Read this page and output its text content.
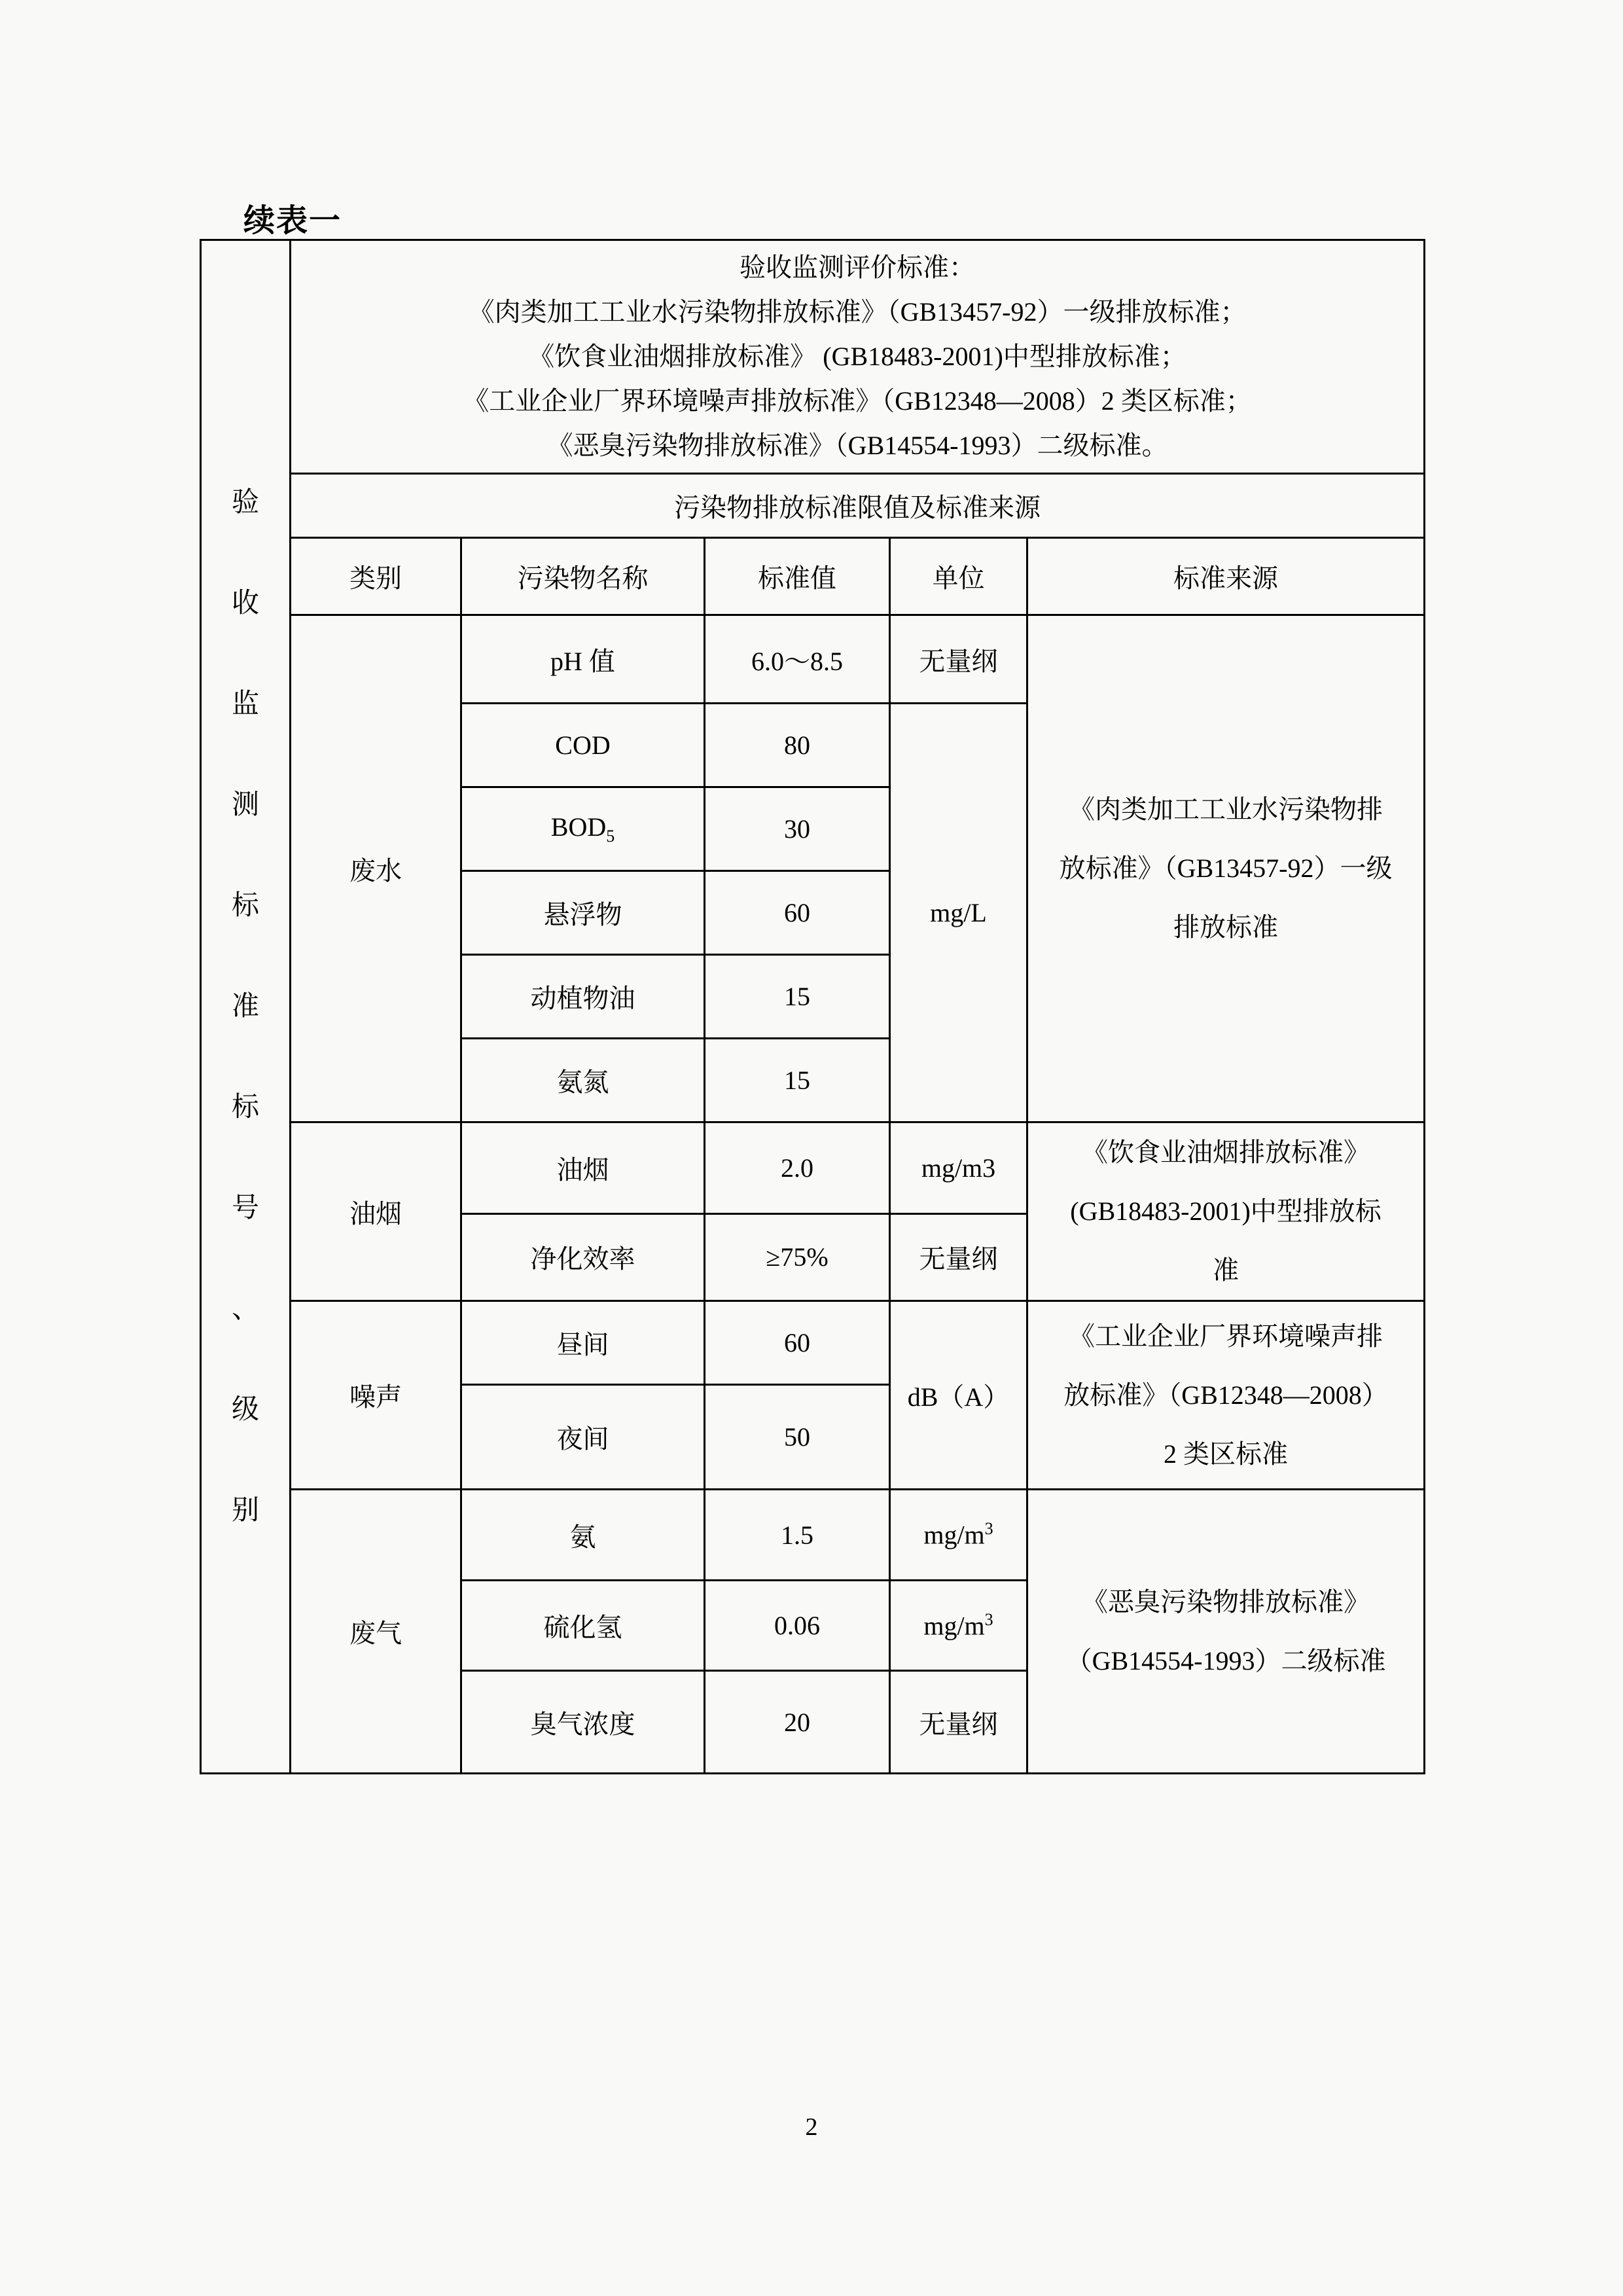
续表一
验
收
监
测
标
准
标
号
、
级
别

验收监测评价标准：
《肉类加工工业水污染物排放标准》（GB13457-92）一级排放标准；
《饮食业油烟排放标准》 (GB18483-2001)中型排放标准；
《工业企业厂界环境噪声排放标准》（GB12348—2008）2 类区标准；
《恶臭污染物排放标准》（GB14554-1993）二级标准。

	污染物排放标准限值及标准来源				
	类别	污染物名称	标准值	单位	标准来源
	废水	pH 值	6.0～8.5	无量纲	《肉类加工工业水污染物排
放标准》（GB13457-92）一级
排放标准

		COD	80	mg/L	
		$BOD_5$	30		
		悬浮物	60		
		动植物油	15		
		氨氮	15		
	油烟	油烟	2.0	mg/m3	《饮食业油烟排放标准》
(GB18483-2001)中型排放标
准

		净化效率	≥75%	无量纲	
	噪声	昼间	60	dB（A）	《工业企业厂界环境噪声排
放标准》（GB12348—2008）
2 类区标准

		夜间	50		
	废气	氨	1.5	$mg/m^3$	《恶臭污染物排放标准》
（GB14554-1993）二级标准

		硫化氢	0.06	$mg/m^3$
		臭气浓度	20	无量纲	
2
